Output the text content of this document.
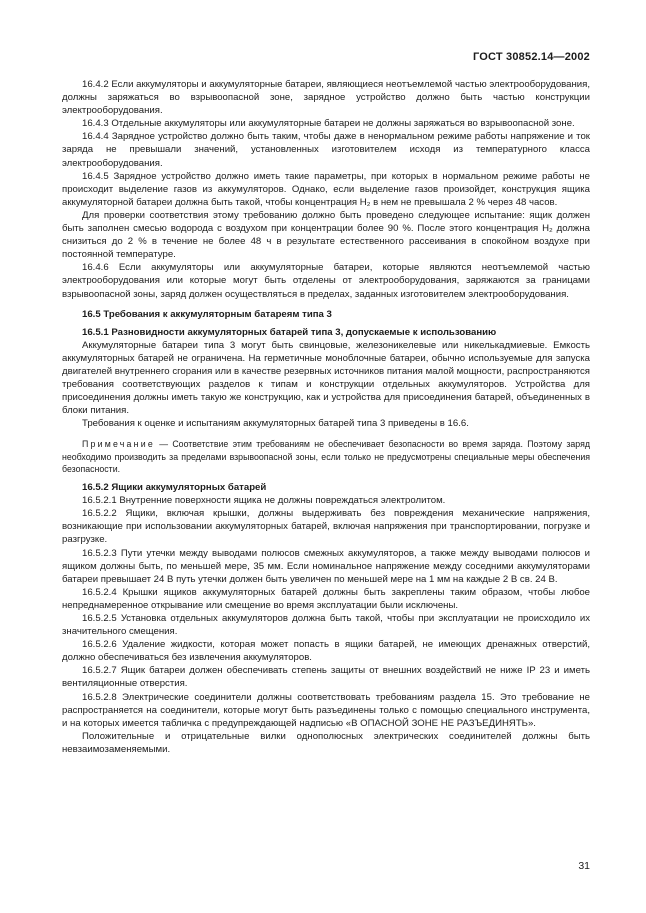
ГОСТ 30852.14—2002

16.4.2 Если аккумуляторы и аккумуляторные батареи, являющиеся неотъемлемой частью электрооборудования, должны заряжаться во взрывоопасной зоне, зарядное устройство должно быть частью конструкции электрооборудования.

16.4.3 Отдельные аккумуляторы или аккумуляторные батареи не должны заряжаться во взрывоопасной зоне.

16.4.4 Зарядное устройство должно быть таким, чтобы даже в ненормальном режиме работы напряжение и ток заряда не превышали значений, установленных изготовителем исходя из температурного класса электрооборудования.

16.4.5 Зарядное устройство должно иметь такие параметры, при которых в нормальном режиме работы не происходит выделение газов из аккумуляторов. Однако, если выделение газов произойдет, конструкция ящика аккумуляторной батареи должна быть такой, чтобы концентрация H₂ в нем не превышала 2 % через 48 часов.

Для проверки соответствия этому требованию должно быть проведено следующее испытание: ящик должен быть заполнен смесью водорода с воздухом при концентрации более 90 %. После этого концентрация H₂ должна снизиться до 2 % в течение не более 48 ч в результате естественного рассеивания в спокойном воздухе при постоянной температуре.

16.4.6 Если аккумуляторы или аккумуляторные батареи, которые являются неотъемлемой частью электрооборудования или которые могут быть отделены от электрооборудования, заряжаются за границами взрывоопасной зоны, заряд должен осуществляться в пределах, заданных изготовителем электрооборудования.

16.5 Требования к аккумуляторным батареям типа 3

16.5.1 Разновидности аккумуляторных батарей типа 3, допускаемые к использованию

Аккумуляторные батареи типа 3 могут быть свинцовые, железоникелевые или никелькадмиевые. Емкость аккумуляторных батарей не ограничена. На герметичные моноблочные батареи, обычно используемые для запуска двигателей внутреннего сгорания или в качестве резервных источников питания малой мощности, распространяются требования соответствующих разделов к типам и конструкции отдельных аккумуляторов. Устройства для присоединения должны иметь такую же конструкцию, как и устройства для присоединения батарей, объединенных в блоки питания.

Требования к оценке и испытаниям аккумуляторных батарей типа 3 приведены в 16.6.

Примечание — Соответствие этим требованиям не обеспечивает безопасности во время заряда. Поэтому заряд необходимо производить за пределами взрывоопасной зоны, если только не предусмотрены специальные меры обеспечения безопасности.

16.5.2 Ящики аккумуляторных батарей

16.5.2.1 Внутренние поверхности ящика не должны повреждаться электролитом.

16.5.2.2 Ящики, включая крышки, должны выдерживать без повреждения механические напряжения, возникающие при использовании аккумуляторных батарей, включая напряжения при транспортировании, погрузке и разгрузке.

16.5.2.3 Пути утечки между выводами полюсов смежных аккумуляторов, а также между выводами полюсов и ящиком должны быть, по меньшей мере, 35 мм. Если номинальное напряжение между соседними аккумуляторами батареи превышает 24 В путь утечки должен быть увеличен по меньшей мере на 1 мм на каждые 2 В св. 24 В.

16.5.2.4 Крышки ящиков аккумуляторных батарей должны быть закреплены таким образом, чтобы любое непреднамеренное открывание или смещение во время эксплуатации были исключены.

16.5.2.5 Установка отдельных аккумуляторов должна быть такой, чтобы при эксплуатации не происходило их значительного смещения.

16.5.2.6 Удаление жидкости, которая может попасть в ящики батарей, не имеющих дренажных отверстий, должно обеспечиваться без извлечения аккумуляторов.

16.5.2.7 Ящик батареи должен обеспечивать степень защиты от внешних воздействий не ниже IP 23 и иметь вентиляционные отверстия.

16.5.2.8 Электрические соединители должны соответствовать требованиям раздела 15. Это требование не распространяется на соединители, которые могут быть разъединены только с помощью специального инструмента, и на которых имеется табличка с предупреждающей надписью «В ОПАСНОЙ ЗОНЕ НЕ РАЗЪЕДИНЯТЬ».

Положительные и отрицательные вилки однополюсных электрических соединителей должны быть невзаимозаменяемыми.

31
